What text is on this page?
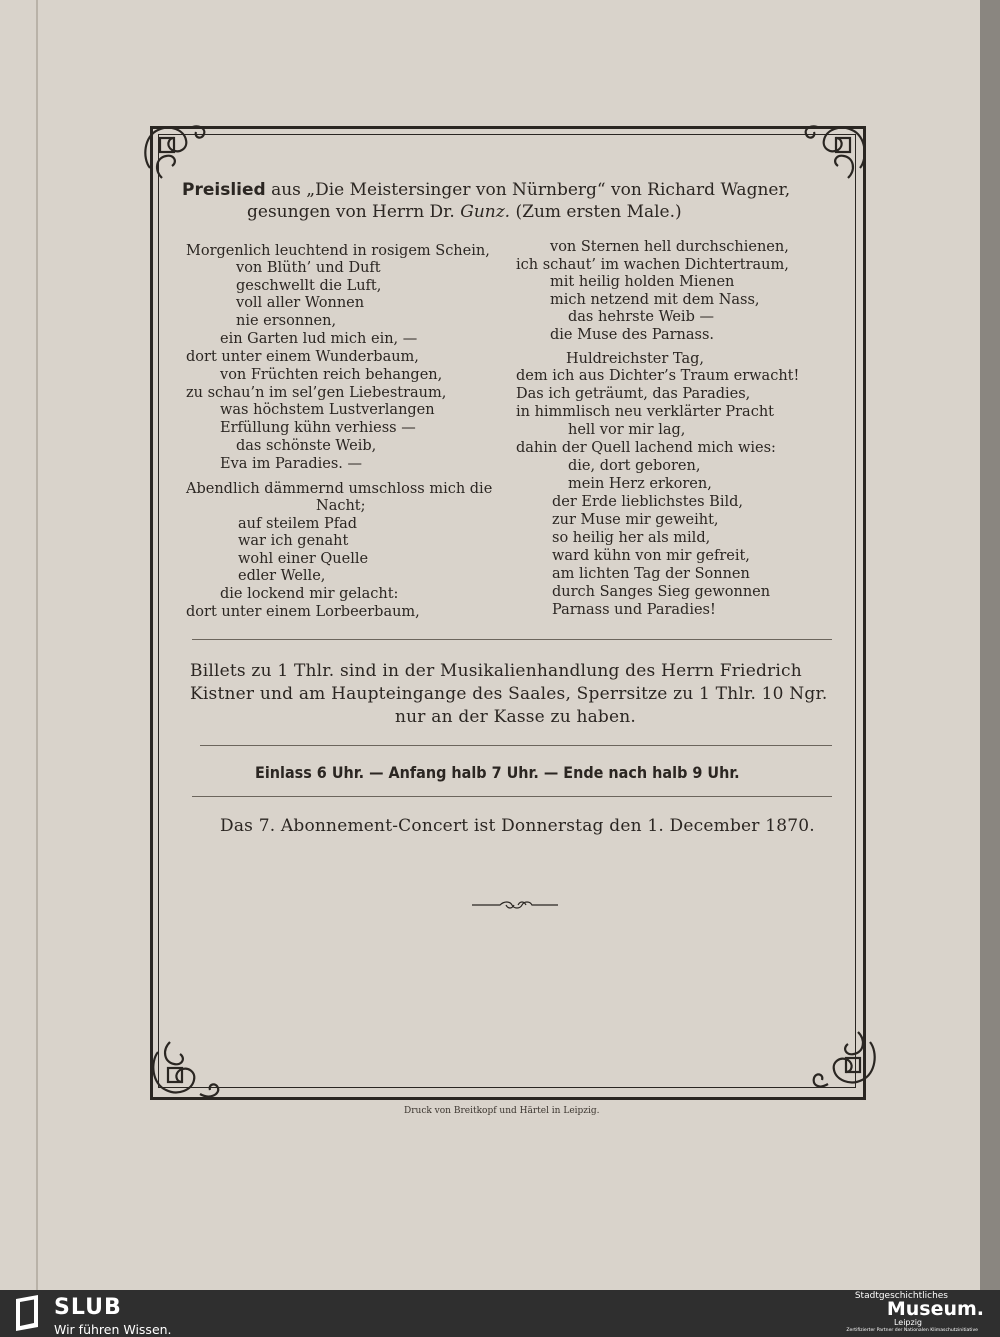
Preislied aus „Die Meistersinger von Nürnberg“ von Richard Wagner,
gesungen von Herrn Dr. Gunz. (Zum ersten Male.)
Morgenlich leuchtend in rosigem Schein,
von Blüth’ und Duft
geschwellt die Luft,
voll aller Wonnen
nie ersonnen,
ein Garten lud mich ein, —
dort unter einem Wunderbaum,
von Früchten reich behangen,
zu schau’n im sel’gen Liebestraum,
was höchstem Lustverlangen
Erfüllung kühn verhiess —
das schönste Weib,
Eva im Paradies. —
Abendlich dämmernd umschloss mich die
Nacht;
auf steilem Pfad
war ich genaht
wohl einer Quelle
edler Welle,
die lockend mir gelacht:
dort unter einem Lorbeerbaum,
von Sternen hell durchschienen,
ich schaut’ im wachen Dichtertraum,
mit heilig holden Mienen
mich netzend mit dem Nass,
das hehrste Weib —
die Muse des Parnass.
Huldreichster Tag,
dem ich aus Dichter’s Traum erwacht!
Das ich geträumt, das Paradies,
in himmlisch neu verklärter Pracht
hell vor mir lag,
dahin der Quell lachend mich wies:
die, dort geboren,
mein Herz erkoren,
der Erde lieblichstes Bild,
zur Muse mir geweiht,
so heilig her als mild,
ward kühn von mir gefreit,
am lichten Tag der Sonnen
durch Sanges Sieg gewonnen
Parnass und Paradies!
Billets zu 1 Thlr. sind in der Musikalienhandlung des Herrn Friedrich
Kistner und am Haupteingange des Saales, Sperrsitze zu 1 Thlr. 10 Ngr.
nur an der Kasse zu haben.
Einlass 6 Uhr. — Anfang halb 7 Uhr. — Ende nach halb 9 Uhr.
Das 7. Abonnement-Concert ist Donnerstag den 1. December 1870.
Druck von Breitkopf und Härtel in Leipzig.
SLUB
Wir führen Wissen.
Stadtgeschichtliches
Museum.
Leipzig
Zertifizierter Partner der Nationalen Klimaschutzinitiative
